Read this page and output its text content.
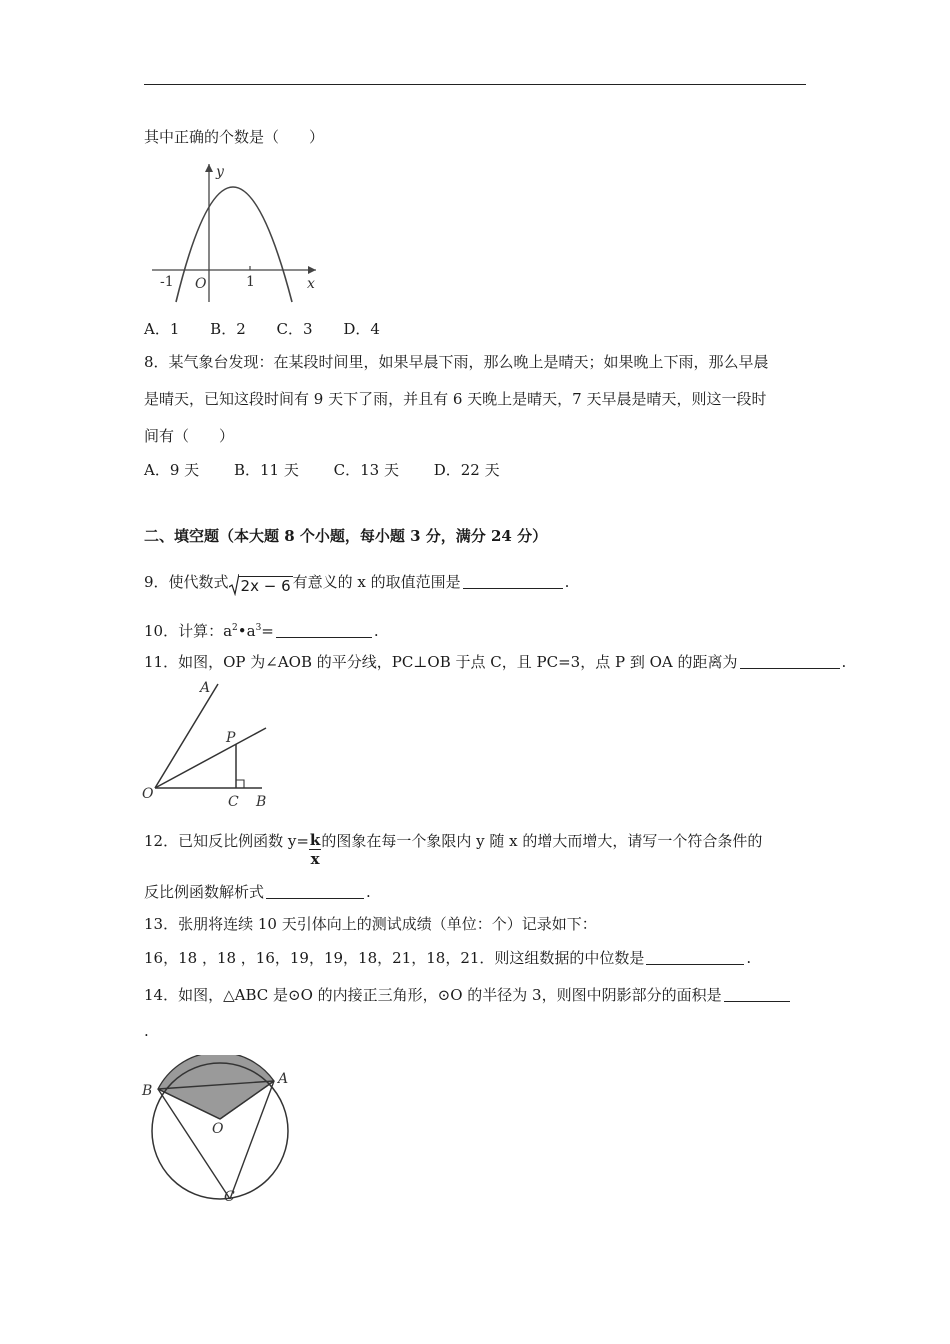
其中正确的个数是（　　）
y
x
O
-1	1
A．1 B．2 C．3 D．4
8．某气象台发现：在某段时间里，如果早晨下雨，那么晚上是晴天；如果晚上下雨，那么早晨
是晴天，已知这段时间有 9 天下了雨，并且有 6 天晚上是晴天，7 天早晨是晴天，则这一段时
间有（　　）
A．9 天 B．11 天 C．13 天 D．22 天
二、填空题（本大题 8 个小题，每小题 3 分，满分 24 分）
9．使代数式 2x − 6 有意义的 x 的取值范围是	.
10．计算：$a^2•a^3=$	.
11．如图，OP 为∠AOB 的平分线，PC⊥OB 于点 C，且 PC=3，点 P 到 OA 的距离为	.
A
P
O	C B
12．已知反比例函数 $y= \frac{k}{x}$ 的图象在每一个象限内 y 随 x 的增大而增大，请写一个符合条件的
反比例函数解析式	.
13．张朋将连续 10 天引体向上的测试成绩（单位：个）记录如下：
16，18 ，18 ，16，19，19，18，21，18，21．则这组数据的中位数是	.
14．如图，△ABC 是⊙O 的内接正三角形，⊙O 的半径为 3，则图中阴影部分的面积是
.
B
A
O
C
